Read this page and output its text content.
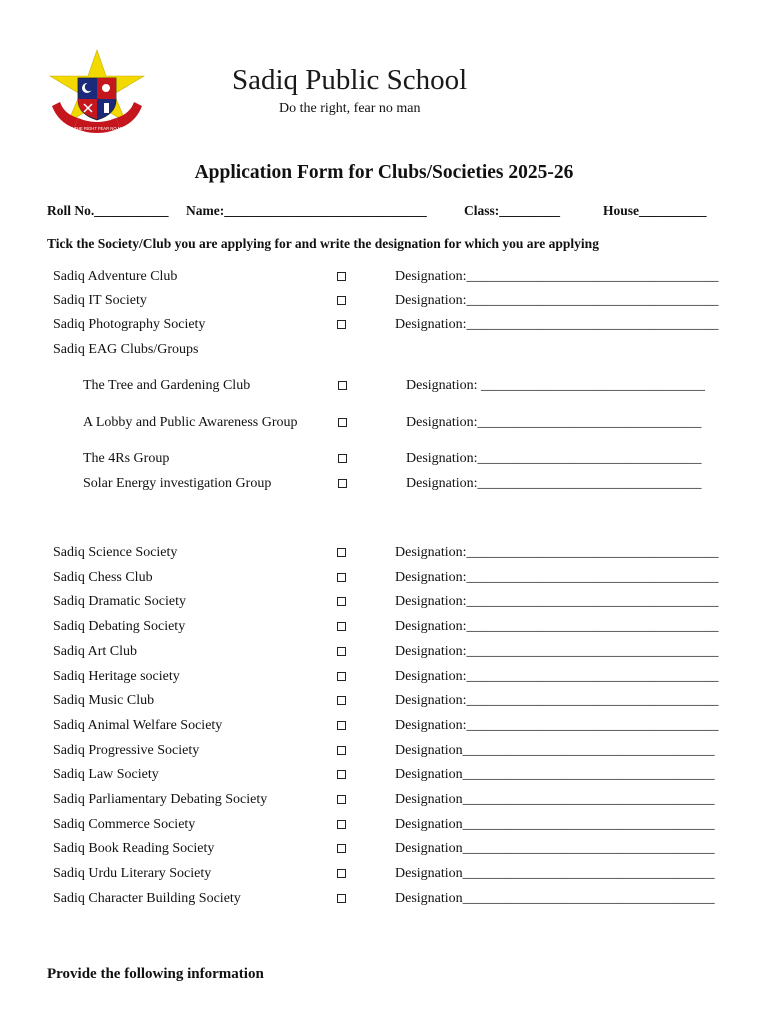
DO THE RIGHT FEAR NO MAN
Sadiq Public School
Do the right, fear no man
Application Form for Clubs/Societies 2025-26
Roll No.___________ Name:______________________________	Class:_________	House__________
Tick the Society/Club you are applying for and write the designation for which you are applying
Sadiq Adventure Club	Designation:____________________________________
Sadiq IT Society	Designation:____________________________________
Sadiq Photography Society	Designation:____________________________________
Sadiq EAG Clubs/Groups
The Tree and Gardening Club	Designation: ________________________________
A Lobby and Public Awareness Group	Designation:________________________________
The 4Rs Group	Designation:________________________________
Solar Energy investigation Group	Designation:________________________________
Sadiq Science Society	Designation:____________________________________
Sadiq Chess Club	Designation:____________________________________
Sadiq Dramatic Society	Designation:____________________________________
Sadiq Debating Society	Designation:____________________________________
Sadiq Art Club	Designation:____________________________________
Sadiq Heritage society	Designation:____________________________________
Sadiq Music Club	Designation:____________________________________
Sadiq Animal Welfare Society	Designation:____________________________________
Sadiq Progressive Society	Designation____________________________________
Sadiq Law Society	Designation____________________________________
Sadiq Parliamentary Debating Society	Designation____________________________________
Sadiq Commerce Society	Designation____________________________________
Sadiq Book Reading Society	Designation____________________________________
Sadiq Urdu Literary Society	Designation____________________________________
Sadiq Character Building Society	Designation____________________________________
Provide the following information
